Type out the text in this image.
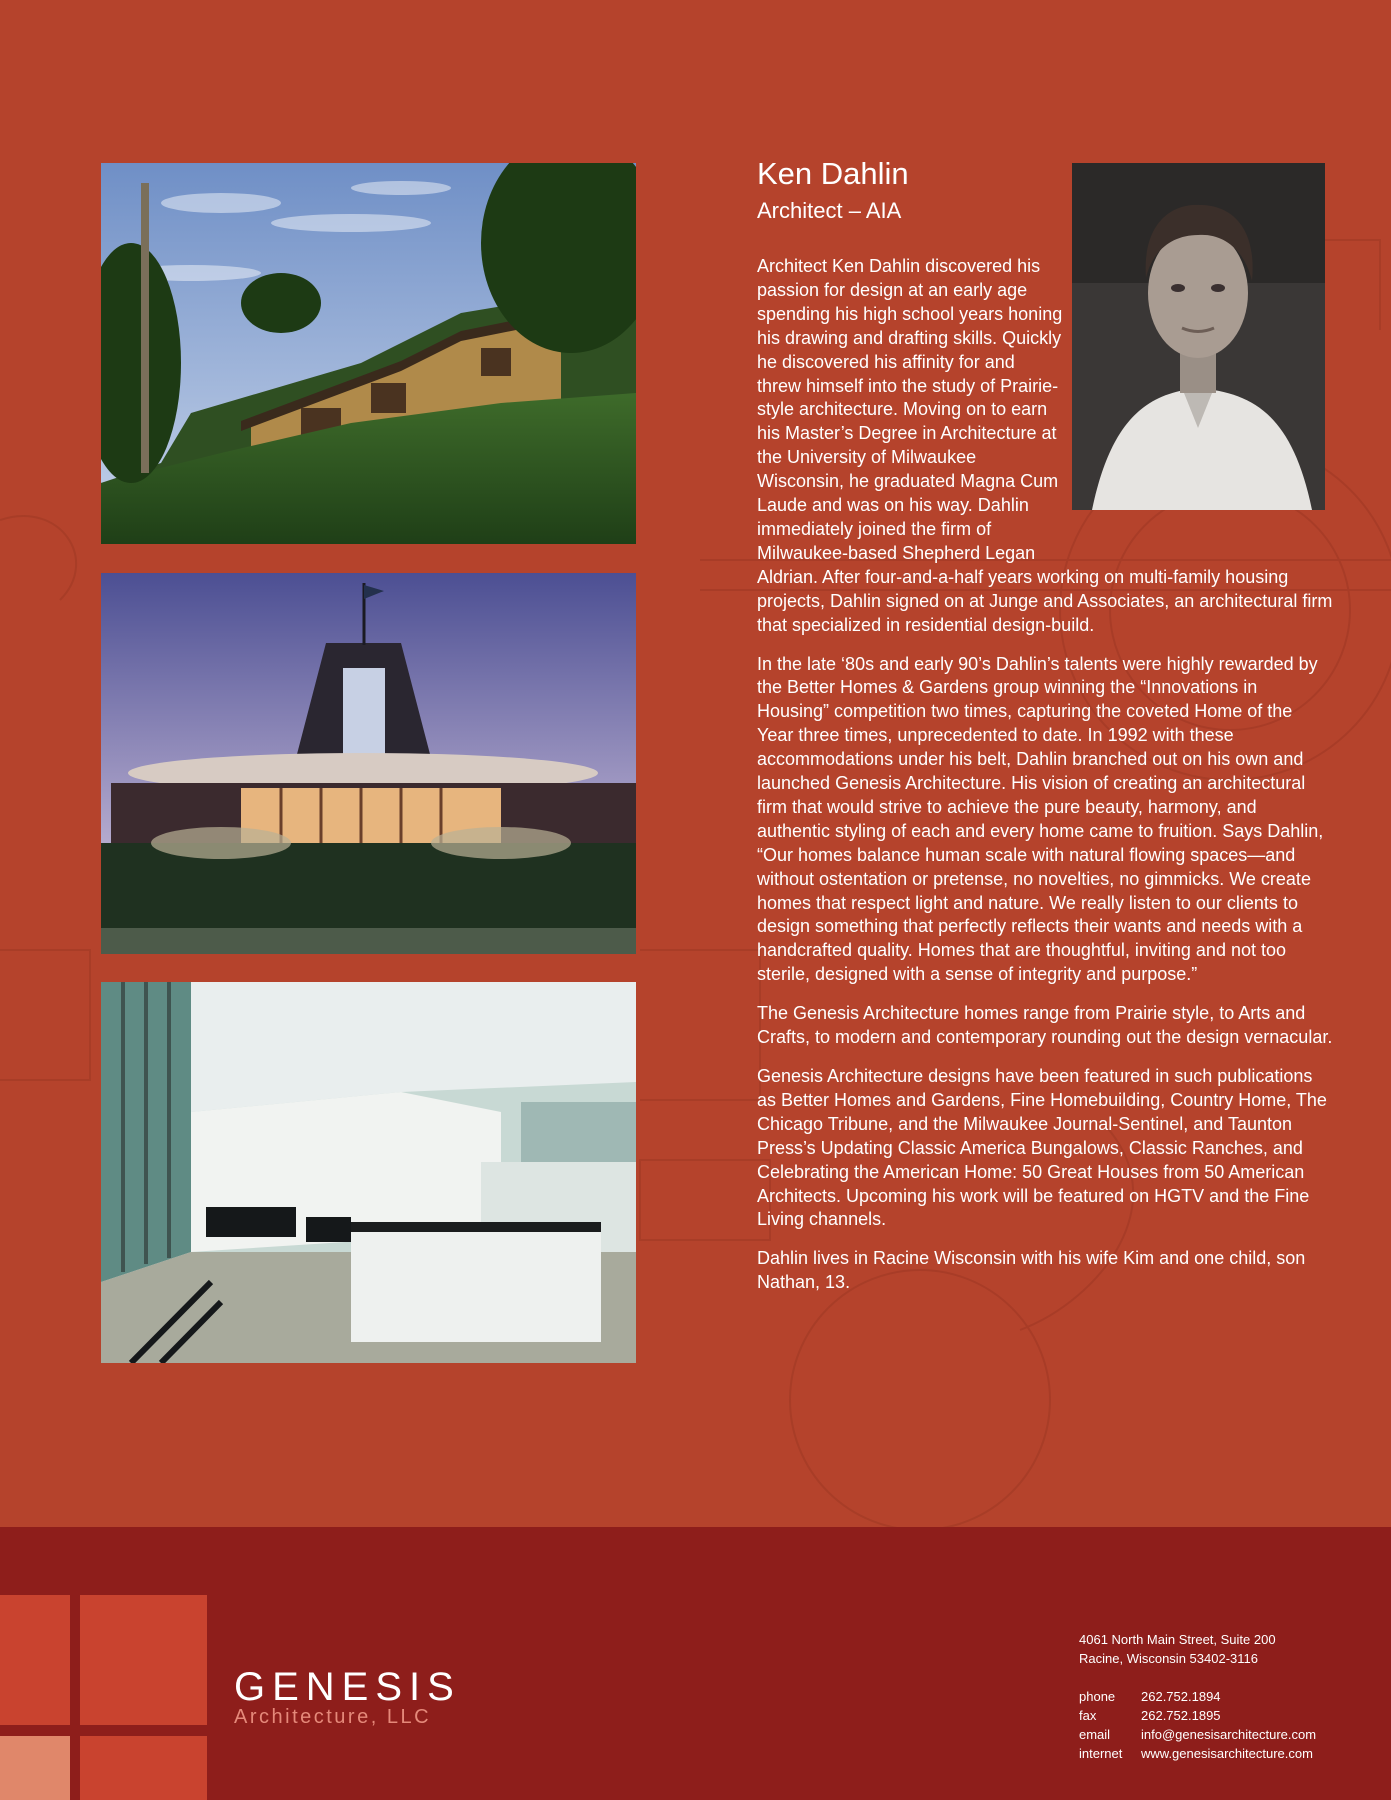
Ken Dahlin
Architect – AIA

Architect Ken Dahlin discovered his passion for design at an early age spending his high school years honing his drawing and drafting skills. Quickly he discovered his affinity for and threw himself into the study of Prairie-style architecture. Moving on to earn his Master’s Degree in Architecture at the University of Milwaukee Wisconsin, he graduated Magna Cum Laude and was on his way. Dahlin immediately joined the firm of Milwaukee-based Shepherd Legan Aldrian. After four-and-a-half years working on multi-family housing projects, Dahlin signed on at Junge and Associates, an architectural firm that specialized in residential design-build.

In the late ‘80s and early 90’s Dahlin’s talents were highly rewarded by the Better Homes & Gardens group winning the “Innovations in Housing” competition two times, capturing the coveted Home of the Year three times, unprecedented to date. In 1992 with these accommodations under his belt, Dahlin branched out on his own and launched Genesis Architecture. His vision of creating an architectural firm that would strive to achieve the pure beauty, harmony, and authentic styling of each and every home came to fruition. Says Dahlin, “Our homes balance human scale with natural flowing spaces—and without ostentation or pretense, no novelties, no gimmicks. We create homes that respect light and nature. We really listen to our clients to design something that perfectly reflects their wants and needs with a handcrafted quality. Homes that are thoughtful, inviting and not too sterile, designed with a sense of integrity and purpose.”

The Genesis Architecture homes range from Prairie style, to Arts and Crafts, to modern and contemporary rounding out the design vernacular.

Genesis Architecture designs have been featured in such publications as Better Homes and Gardens, Fine Homebuilding, Country Home, The Chicago Tribune, and the Milwaukee Journal-Sentinel, and Taunton Press’s Updating Classic America Bungalows, Classic Ranches, and Celebrating the American Home: 50 Great Houses from 50 American Architects. Upcoming his work will be featured on HGTV and the Fine Living channels.

Dahlin lives in Racine Wisconsin with his wife Kim and one child, son Nathan, 13.

GENESIS
Architecture, LLC

4061 North Main Street, Suite 200

Racine, Wisconsin 53402-3116

phone	262.752.1894
fax	262.752.1895
email	info@genesisarchitecture.com
internet	www.genesisarchitecture.com
